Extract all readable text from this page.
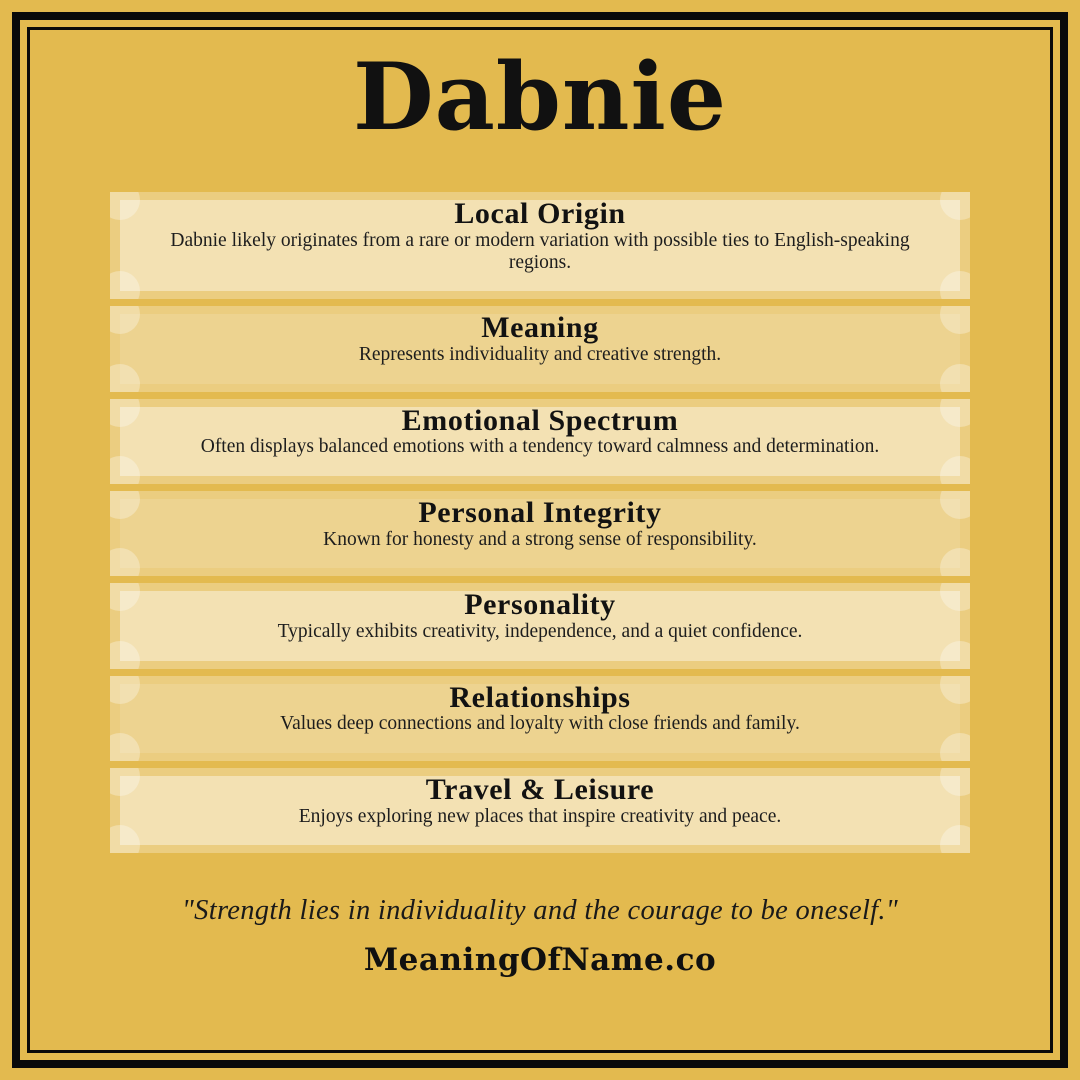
Dabnie
Local Origin
Dabnie likely originates from a rare or modern variation with possible ties to English-speaking regions.
Meaning
Represents individuality and creative strength.
Emotional Spectrum
Often displays balanced emotions with a tendency toward calmness and determination.
Personal Integrity
Known for honesty and a strong sense of responsibility.
Personality
Typically exhibits creativity, independence, and a quiet confidence.
Relationships
Values deep connections and loyalty with close friends and family.
Travel & Leisure
Enjoys exploring new places that inspire creativity and peace.
"Strength lies in individuality and the courage to be oneself."
MeaningOfName.co
